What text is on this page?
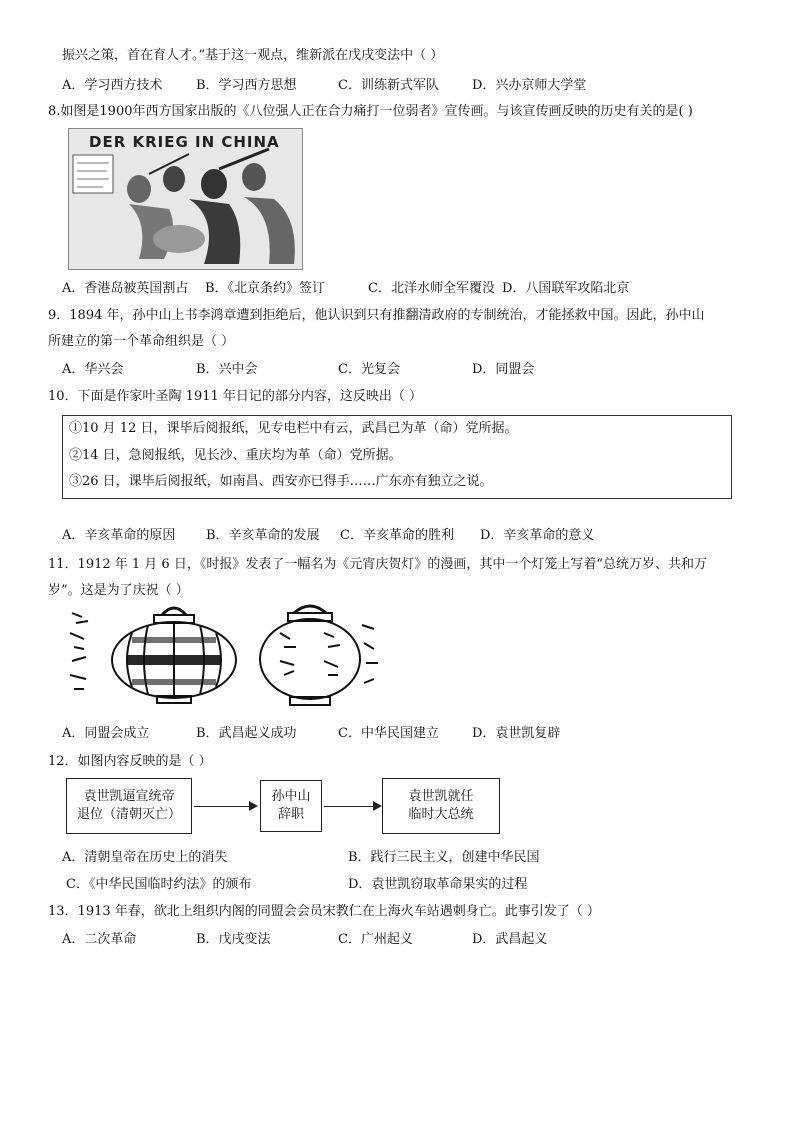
振兴之策，首在育人才。”基于这一观点，维新派在戊戌变法中（ ）
A．学习西方技术	B．学习西方思想	C．训练新式军队	D．兴办京师大学堂
8.如图是1900年西方国家出版的《八位强人正在合力痛打一位弱者》宣传画。与该宣传画反映的历史有关的是( )
DER KRIEG IN CHINA
A．香港岛被英国割占 B．《北京条约》签订	C．北洋水师全军覆没 D．八国联军攻陷北京
9．1894 年，孙中山上书李鸿章遭到拒绝后，他认识到只有推翻清政府的专制统治，才能拯救中国。因此，孙中山
所建立的第一个革命组织是（ ）
A．华兴会	B．兴中会	C．光复会	D．同盟会
10．下面是作家叶圣陶 1911 年日记的部分内容，这反映出（ ）
①10 月 12 日，课毕后阅报纸，见专电栏中有云，武昌已为革（命）党所据。
②14 日，急阅报纸，见长沙、重庆均为革（命）党所据。
③26 日，课毕后阅报纸，如南昌、西安亦已得手……广东亦有独立之说。
A．辛亥革命的原因 B．辛亥革命的发展 C．辛亥革命的胜利 D．辛亥革命的意义
11．1912 年 1 月 6 日，《时报》发表了一幅名为《元宵庆贺灯》的漫画，其中一个灯笼上写着“总统万岁、共和万
岁”。这是为了庆祝（ ）
A．同盟会成立	B．武昌起义成功	C．中华民国建立	D．袁世凯复辟
12．如图内容反映的是（ ）
袁世凯逼宣统帝
退位（清朝灭亡）
孙中山
辞职
袁世凯就任
临时大总统
A．清朝皇帝在历史上的消失	B．践行三民主义，创建中华民国
C．《中华民国临时约法》的颁布	D．袁世凯窃取革命果实的过程
13．1913 年春，欲北上组织内阁的同盟会会员宋教仁在上海火车站遇刺身亡。此事引发了（ ）
A．二次革命	B．戊戌变法	C．广州起义	D．武昌起义
